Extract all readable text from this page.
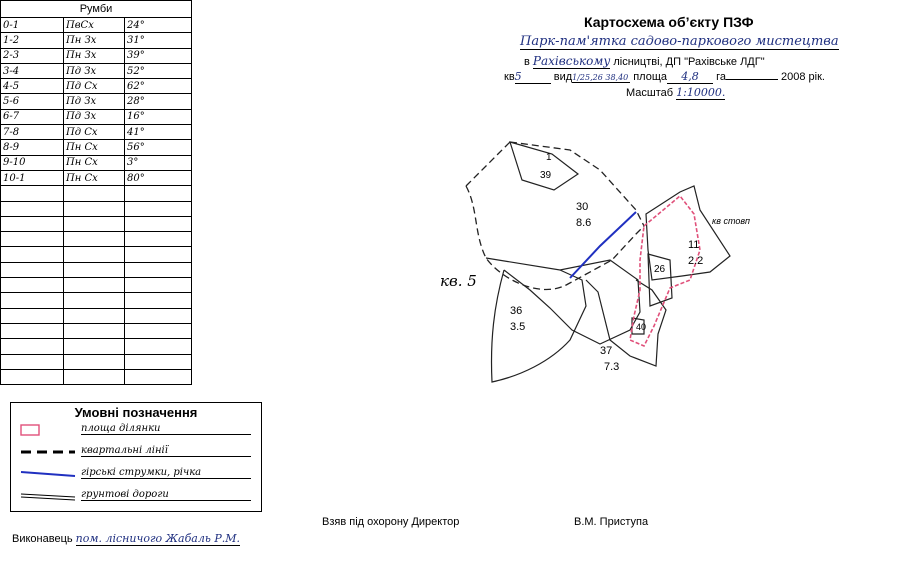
Румби		
0-1	ПвСх	24°
1-2	Пн Зх	31°
2-3	Пн Зх	39°
3-4	Пд Зх	52°
4-5	Пд Сх	62°
5-6	Пд Зх	28°
6-7	Пд Зх	16°
7-8	Пд Сх	41°
8-9	Пн Сх	56°
9-10	Пн Сх	3°
10-1	Пн Сх	80°

Картосхема об’єкту ПЗФ
Парк-пам'ятка садово-паркового мистецтва
в Рахівському лісництві, ДП "Рахівське ЛДГ"
кв5	вид1/25,26 38,40 площа 4,8 га	2008 рік.
Масштаб 1:10000.
кв. 5
1
39
30
8.6
11
2.2
26
36
3.5
37
7.3
40
кв стовп
Умовні позначення
площа ділянки
квартальні лінії
гірські струмки, річка
грунтові дороги
Виконавець пом. лісничого Жабаль Р.М.
Взяв під охорону Директор	В.М. Приступа
